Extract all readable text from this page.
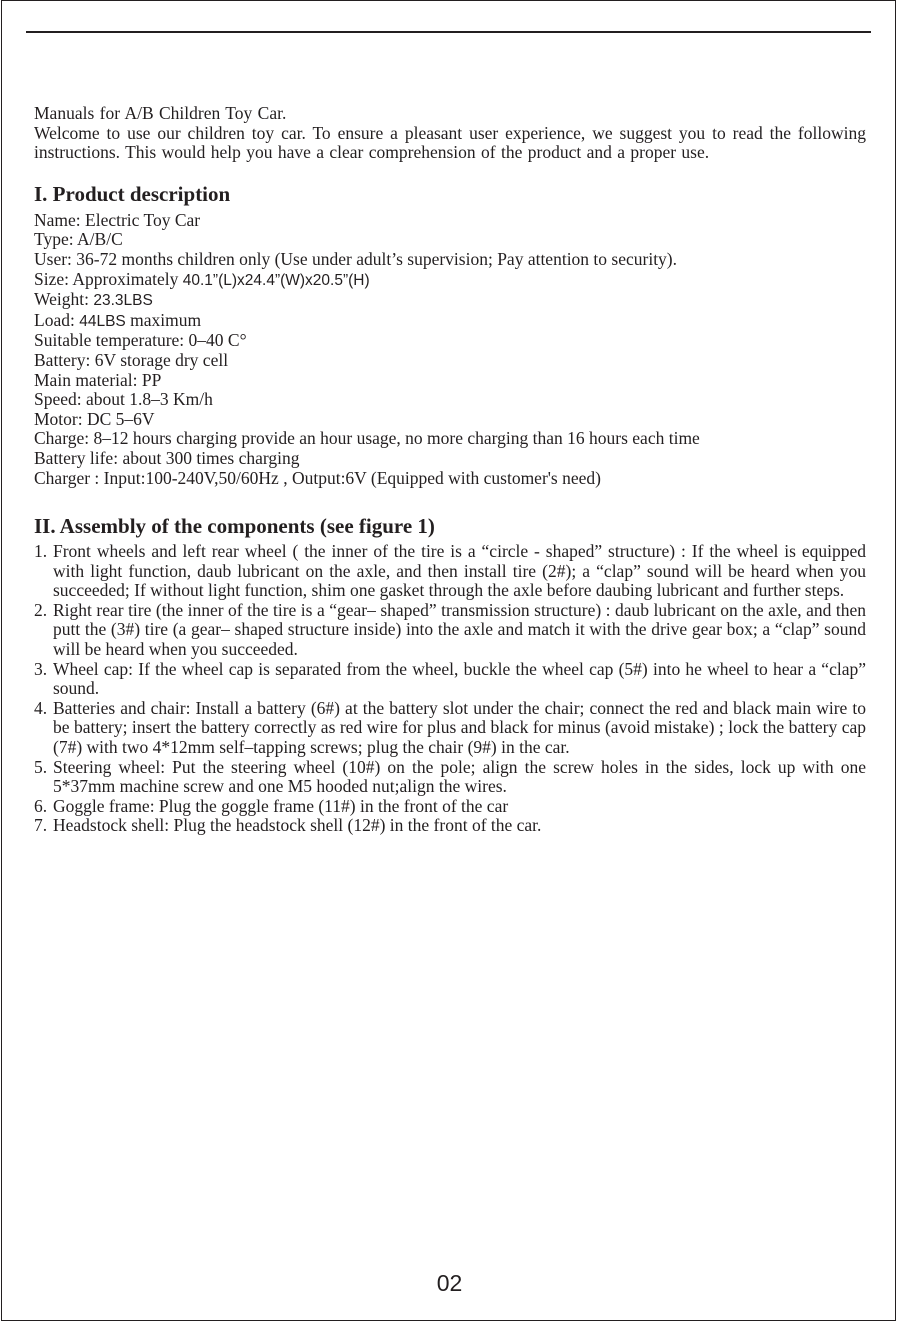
Manuals for A/B Children Toy Car.

Welcome to use our children toy car. To ensure a pleasant user experience, we suggest you to read the following instructions. This would help you have a clear comprehension of the product and a proper use.

I. Product description

Name: Electric Toy Car

Type: A/B/C

User: 36-72 months children only (Use under adult’s supervision; Pay attention to security).

Size: Approximately 40.1”(L)x24.4”(W)x20.5”(H)

Weight: 23.3LBS

Load: 44LBS maximum

Suitable temperature: 0–40 C°

Battery: 6V storage dry cell

Main material: PP

Speed: about 1.8–3 Km/h

Motor: DC 5–6V

Charge: 8–12 hours charging provide an hour usage, no more charging than 16 hours each time

Battery life: about 300 times charging

Charger : Input:100-240V,50/60Hz , Output:6V (Equipped with customer's need)

II. Assembly of the components (see figure 1)
1. Front wheels and left rear wheel ( the inner of the tire is a “circle - shaped” structure) : If the wheel is equipped with light function, daub lubricant on the axle, and then install tire (2#); a “clap” sound will be heard when you succeeded; If without light function, shim one gasket through the axle before daubing lubricant and further steps.
2. Right rear tire (the inner of the tire is a “gear– shaped” transmission structure) : daub lubricant on the axle, and then putt the (3#) tire (a gear– shaped structure inside) into the axle and match it with the drive gear box; a “clap” sound will be heard when you succeeded.
3. Wheel cap: If the wheel cap is separated from the wheel, buckle the wheel cap (5#) into he wheel to hear a “clap” sound.
4. Batteries and chair: Install a battery (6#) at the battery slot under the chair; connect the red and black main wire to be battery; insert the battery correctly as red wire for plus and black for minus (avoid mistake) ; lock the battery cap (7#) with two 4*12mm self–tapping screws; plug the chair (9#) in the car.
5. Steering wheel: Put the steering wheel (10#) on the pole; align the screw holes in the sides, lock up with one 5*37mm machine screw and one M5 hooded nut;align the wires.
6. Goggle frame: Plug the goggle frame (11#) in the front of the car
7. Headstock shell: Plug the headstock shell (12#) in the front of the car.
02
